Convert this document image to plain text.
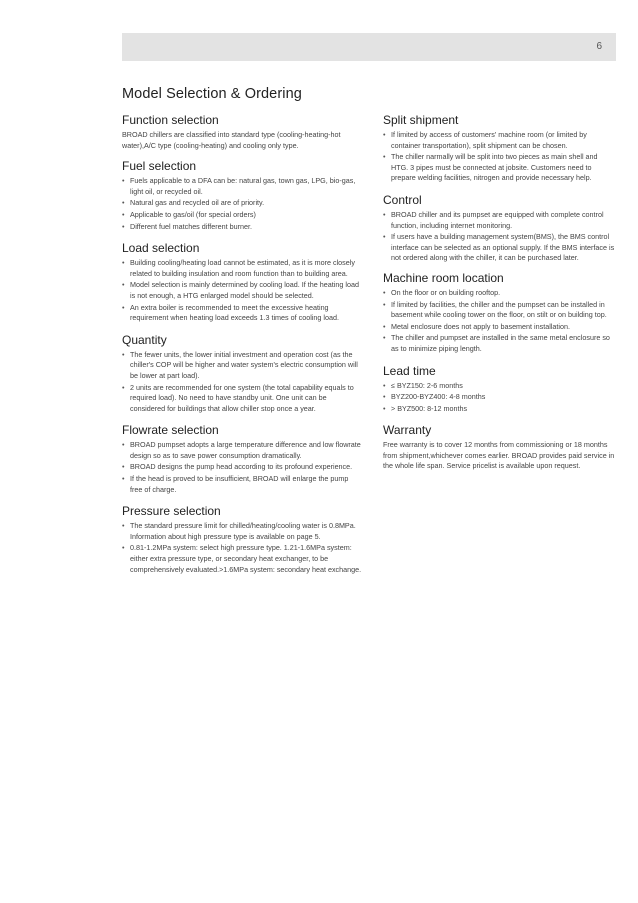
6
Model Selection & Ordering
Function selection

BROAD chillers are classified into standard type (cooling-heating-hot water),A/C type (cooling-heating) and cooling only type.

Fuel selection
• Fuels applicable to a DFA can be: natural gas, town gas, LPG, bio-gas, light oil, or recycled oil.
• Natural gas and recycled oil are of priority.
• Applicable to gas/oil (for special orders)
• Different fuel matches different burner.
Load selection
• Building cooling/heating load cannot be estimated, as it is more closely related to building insulation and room function than to building area.
• Model selection is mainly determined by cooling load. If the heating load is not enough, a HTG enlarged model should be selected.
• An extra boiler is recommended to meet the excessive heating requirement when heating load exceeds 1.3 times of cooling load.
Quantity
• The fewer units, the lower initial investment and operation cost (as the chiller's COP will be higher and water system's electric consumption will be lower at part load).
• 2 units are recommended for one system (the total capability equals to required load). No need to have standby unit. One unit can be considered for buildings that allow chiller stop once a year.
Flowrate selection
• BROAD pumpset adopts a large temperature difference and low flowrate design so as to save power consumption dramatically.
• BROAD designs the pump head according to its profound experience.
• If the head is proved to be insufficient, BROAD will enlarge the pump free of charge.
Pressure selection
• The standard pressure limit for chilled/heating/cooling water is 0.8MPa. Information about high pressure type is available on page 5.
• 0.81-1.2MPa system: select high pressure type. 1.21-1.6MPa system: either extra pressure type, or secondary heat exchanger, to be comprehensively evaluated.>1.6MPa system: secondary heat exchange.
Split shipment
• If limited by access of customers' machine room (or limited by container transportation), split shipment can be chosen.
• The chiller narmally will be split into two pieces as main shell and HTG. 3 pipes must be connected at jobsite. Customers need to prepare welding facilities, nitrogen and provide necessary help.
Control
• BROAD chiller and its pumpset are equipped with complete control function, including internet monitoring.
• If users have a building management system(BMS), the BMS control interface can be selected as an optional supply. If the BMS interface is not ordered along with the chiller, it can be purchased later.
Machine room location
• On the floor or on building rooftop.
• If limited by facilities, the chiller and the pumpset can be installed in basement while cooling tower on the floor, on stilt or on building top.
• Metal enclosure does not apply to basement installation.
• The chiller and pumpset are installed in the same metal enclosure so as to minimize piping length.
Lead time
• ≤ BYZ150: 2-6 months
• BYZ200-BYZ400: 4-8 months
• > BYZ500: 8-12 months
Warranty

Free warranty is to cover 12 months from commissioning or 18 months from shipment,whichever comes earlier. BROAD provides paid service in the whole life span. Service pricelist is available upon request.
